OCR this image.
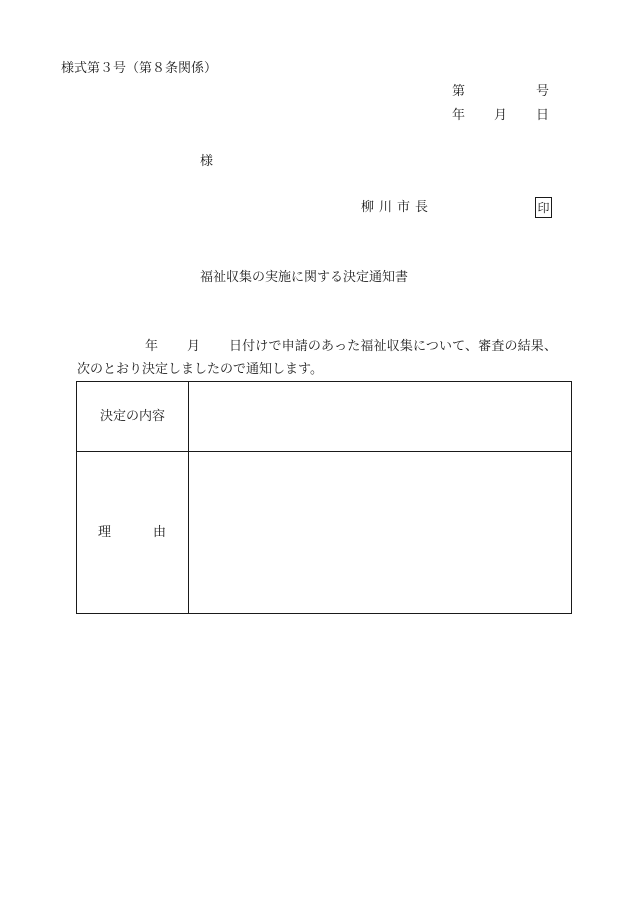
様式第３号（第８条関係）
第	号
年 月 日
様
柳川市長	印
福祉収集の実施に関する決定通知書
年 月 日付けで申請のあった福祉収集について、審査の結果、
次のとおり決定しましたので通知します。
決定の内容	

理 由	
